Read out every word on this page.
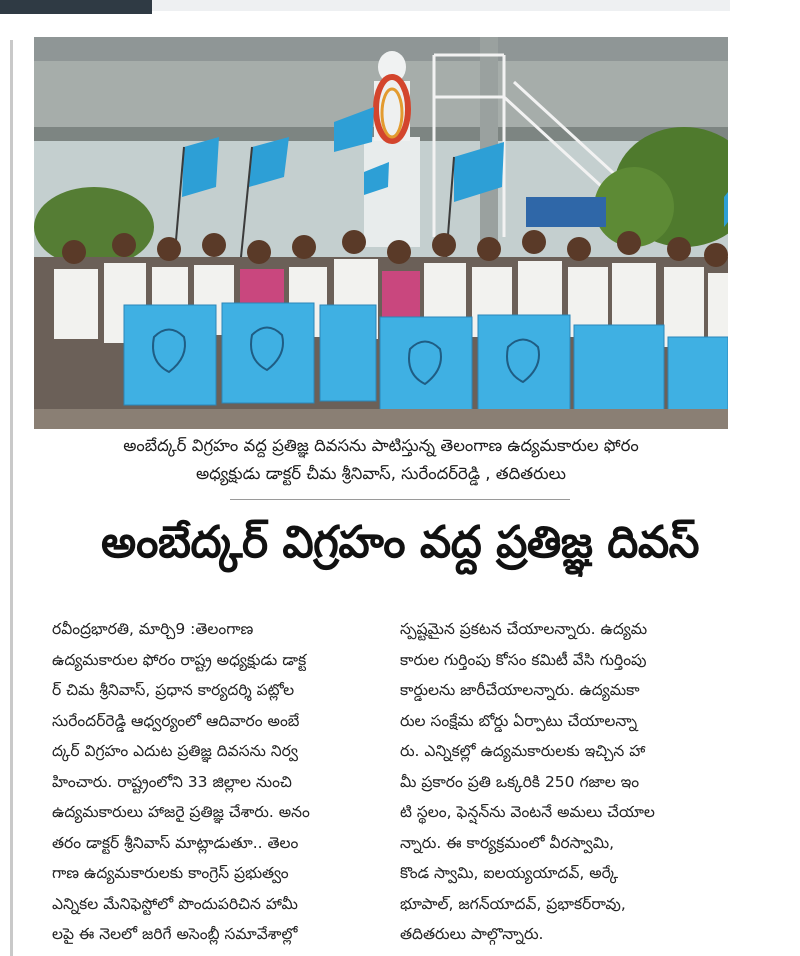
అంబేద్కర్ విగ్రహం వద్ద ప్రతిజ్ఞ దివసను పాటిస్తున్న తెలంగాణ ఉద్యమకారుల ఫోరం
అధ్యక్షుడు డాక్టర్ చీమ శ్రీనివాస్, సురేందర్‌రెడ్డి , తదితరులు
అంబేద్కర్ విగ్రహం వద్ద ప్రతిజ్ఞ దివస్
రవీంద్రభారతి, మార్చి9 :తెలంగాణ
ఉద్యమకారుల ఫోరం రాష్ట్ర అధ్యక్షుడు డాక్ట
ర్ చిమ శ్రీనివాస్, ప్రధాన కార్యదర్శి పట్లోల
సురేందర్‌రెడ్డి ఆధ్వర్యంలో ఆదివారం అంబే
ద్కర్ విగ్రహం ఎదుట ప్రతిజ్ఞ దివసను నిర్వ
హించారు. రాష్ట్రంలోని 33 జిల్లాల నుంచి
ఉద్యమకారులు హాజరై ప్రతిజ్ఞ చేశారు. అనం
తరం డాక్టర్ శ్రీనివాస్ మాట్లాడుతూ.. తెలం
గాణ ఉద్యమకారులకు కాంగ్రెస్ ప్రభుత్వం
ఎన్నికల మేనిఫెస్టోలో పొందుపరిచిన హామీ
లపై ఈ నెలలో జరిగే అసెంబ్లీ సమావేశాల్లో
స్పష్టమైన ప్రకటన చేయాలన్నారు. ఉద్యమ
కారుల గుర్తింపు కోసం కమిటీ వేసి గుర్తింపు
కార్డులను జారీచేయాలన్నారు. ఉద్యమకా
రుల సంక్షేమ బోర్డు ఏర్పాటు చేయాలన్నా
రు. ఎన్నికల్లో ఉద్యమకారులకు ఇచ్చిన హా
మీ ప్రకారం ప్రతి ఒక్కరికి 250 గజాల ఇం
టి స్థలం, ఫెన్షన్‌ను వెంటనే అమలు చేయాల
న్నారు. ఈ కార్యక్రమంలో వీరస్వామి,
కొండ స్వామి, ఐలయ్యయాదవ్, అర్కే
భూపాల్, జగన్‌యాదవ్, ప్రభాకర్‌రావు,
తదితరులు పాల్గొన్నారు.
